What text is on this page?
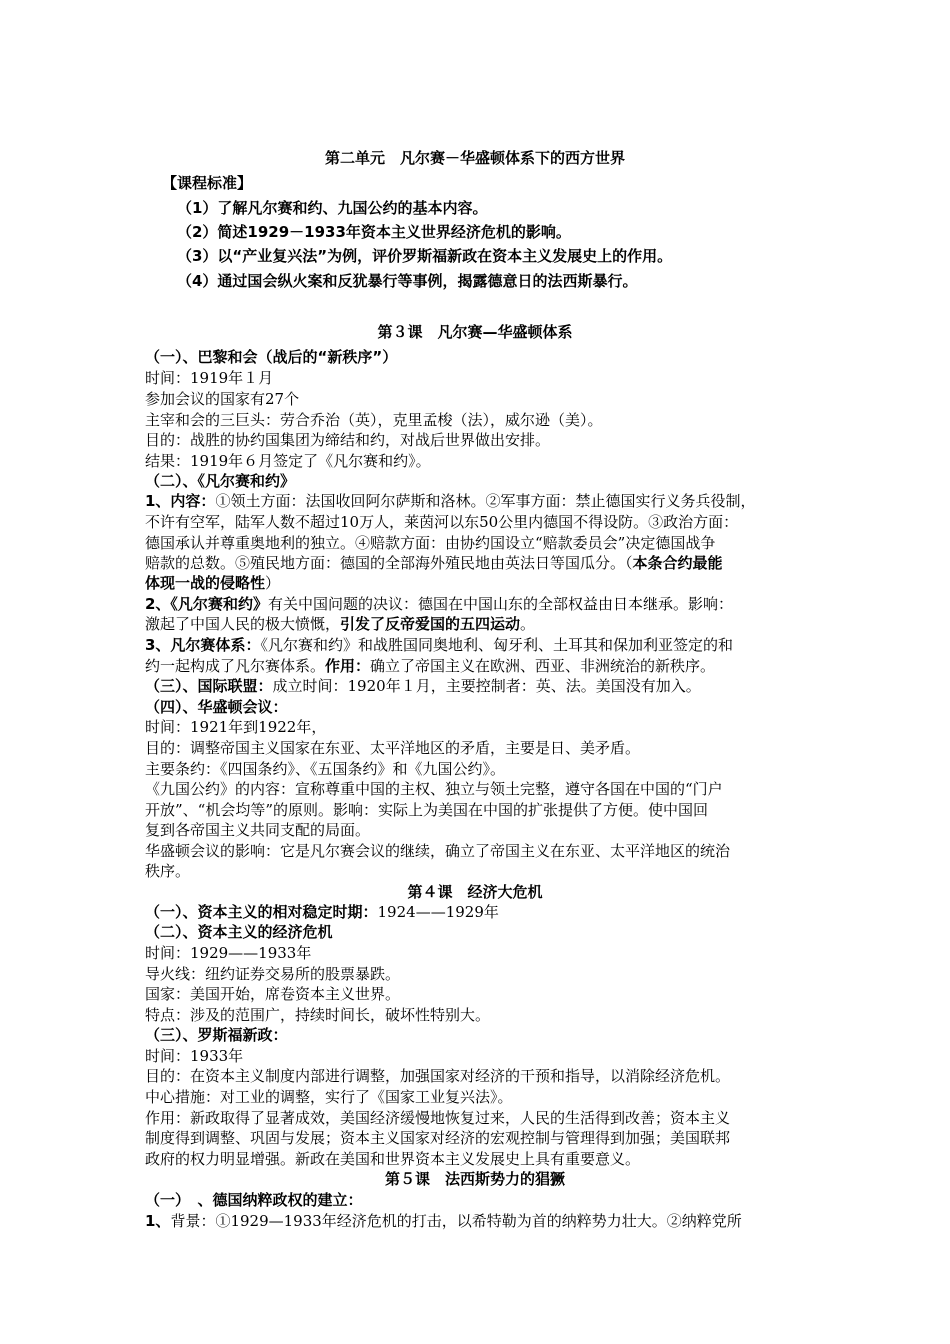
第二单元　凡尔赛－华盛顿体系下的西方世界
【课程标准】
（1）了解凡尔赛和约、九国公约的基本内容。
（2）简述1929－1933年资本主义世界经济危机的影响。
（3）以“产业复兴法”为例，评价罗斯福新政在资本主义发展史上的作用。
（4）通过国会纵火案和反犹暴行等事例，揭露德意日的法西斯暴行。
第３课　凡尔赛—华盛顿体系
（一）、巴黎和会（战后的“新秩序”）
时间：1919年１月
参加会议的国家有27个
主宰和会的三巨头：劳合乔治（英），克里孟梭（法），威尔逊（美）。
目的：战胜的协约国集团为缔结和约，对战后世界做出安排。
结果：1919年６月签定了《凡尔赛和约》。
（二）、《凡尔赛和约》
1、内容：①领土方面：法国收回阿尔萨斯和洛林。②军事方面：禁止德国实行义务兵役制，
不许有空军，陆军人数不超过10万人，莱茵河以东50公里内德国不得设防。③政治方面：
德国承认并尊重奥地利的独立。④赔款方面：由协约国设立“赔款委员会”决定德国战争
赔款的总数。⑤殖民地方面：德国的全部海外殖民地由英法日等国瓜分。（本条合约最能
体现一战的侵略性）
2、《凡尔赛和约》有关中国问题的决议：德国在中国山东的全部权益由日本继承。影响：
激起了中国人民的极大愤慨，引发了反帝爱国的五四运动。
3、凡尔赛体系：《凡尔赛和约》和战胜国同奥地利、匈牙利、土耳其和保加利亚签定的和
约一起构成了凡尔赛体系。作用：确立了帝国主义在欧洲、西亚、非洲统治的新秩序。
（三）、国际联盟：成立时间：1920年１月，主要控制者：英、法。美国没有加入。
（四）、华盛顿会议：
时间：1921年到1922年，
目的：调整帝国主义国家在东亚、太平洋地区的矛盾，主要是日、美矛盾。
主要条约：《四国条约》、《五国条约》和《九国公约》。
《九国公约》的内容：宣称尊重中国的主权、独立与领土完整，遵守各国在中国的“门户
开放”、“机会均等”的原则。影响：实际上为美国在中国的扩张提供了方便。使中国回
复到各帝国主义共同支配的局面。
华盛顿会议的影响：它是凡尔赛会议的继续，确立了帝国主义在东亚、太平洋地区的统治
秩序。
第４课　经济大危机
（一）、资本主义的相对稳定时期：1924——1929年
（二）、资本主义的经济危机
时间：1929——1933年
导火线：纽约证券交易所的股票暴跌。
国家：美国开始，席卷资本主义世界。
特点：涉及的范围广，持续时间长，破坏性特别大。
（三）、罗斯福新政：
时间：1933年
目的：在资本主义制度内部进行调整，加强国家对经济的干预和指导，以消除经济危机。
中心措施：对工业的调整，实行了《国家工业复兴法》。
作用：新政取得了显著成效，美国经济缓慢地恢复过来，人民的生活得到改善；资本主义
制度得到调整、巩固与发展；资本主义国家对经济的宏观控制与管理得到加强；美国联邦
政府的权力明显增强。新政在美国和世界资本主义发展史上具有重要意义。
第５课　法西斯势力的猖獗
（一）　、德国纳粹政权的建立：
1、背景：①1929—1933年经济危机的打击，以希特勒为首的纳粹势力壮大。②纳粹党所
